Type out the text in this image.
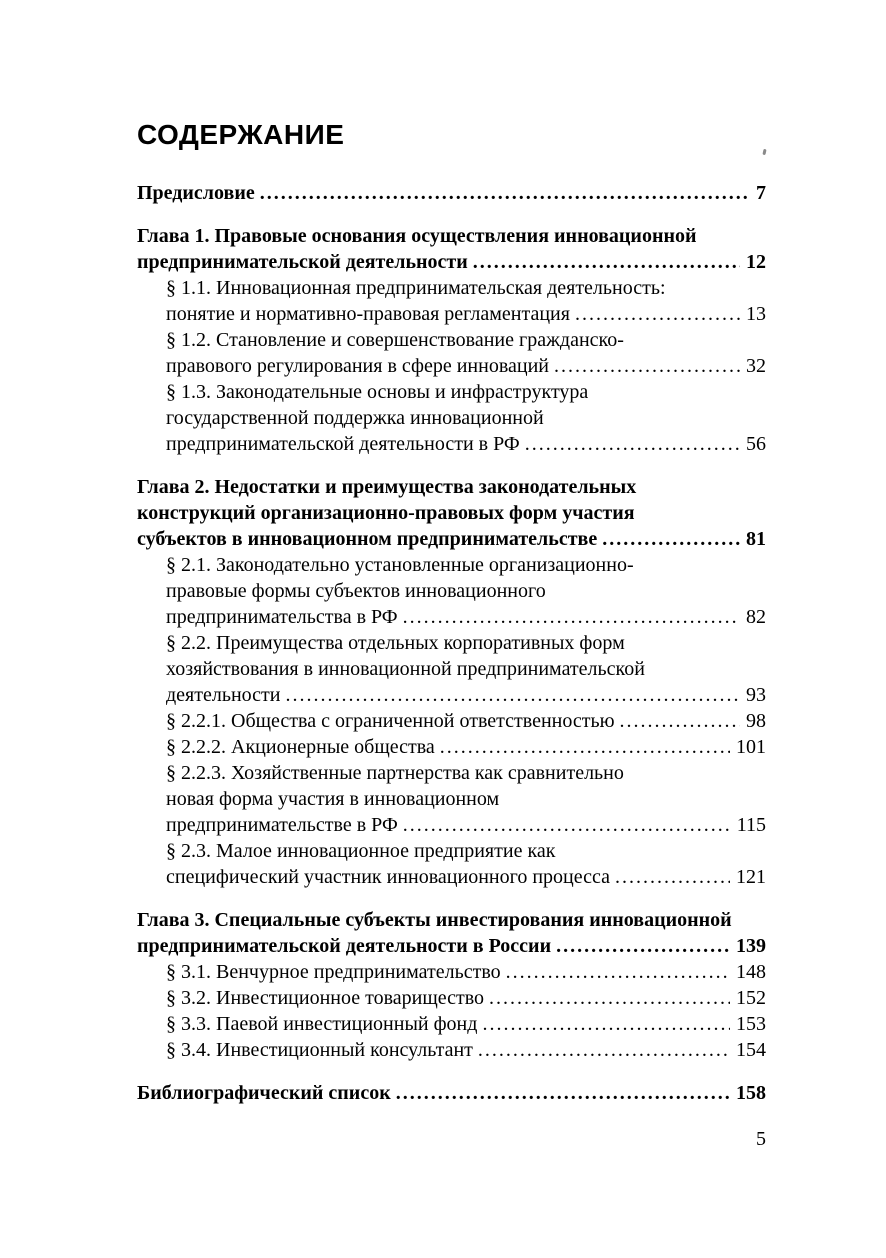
СОДЕРЖАНИЕ
Предисловие .....	7
Глава 1. Правовые основания осуществления инновационной
предпринимательской деятельности .....	12
§ 1.1. Инновационная предпринимательская деятельность:
понятие и нормативно-правовая регламентация .....	13
§ 1.2. Становление и совершенствование гражданско-
правового регулирования в сфере инноваций .....	32
§ 1.3. Законодательные основы и инфраструктура
государственной поддержка инновационной
предпринимательской деятельности в РФ .....	56
Глава 2. Недостатки и преимущества законодательных
конструкций организационно-правовых форм участия
субъектов в инновационном предпринимательстве .....	81
§ 2.1. Законодательно установленные организационно-
правовые формы субъектов инновационного
предпринимательства в РФ .....	82
§ 2.2. Преимущества отдельных корпоративных форм
хозяйствования в инновационной предпринимательской
деятельности .....	93
§ 2.2.1. Общества с ограниченной ответственностью .....	98
§ 2.2.2. Акционерные общества .....	101
§ 2.2.3. Хозяйственные партнерства как сравнительно
новая форма участия в инновационном
предпринимательстве в РФ .....	115
§ 2.3. Малое инновационное предприятие как
специфический участник инновационного процесса .....	121
Глава 3. Специальные субъекты инвестирования инновационной
предпринимательской деятельности в России .....	139
§ 3.1. Венчурное предпринимательство .....	148
§ 3.2. Инвестиционное товарищество .....	152
§ 3.3. Паевой инвестиционный фонд .....	153
§ 3.4. Инвестиционный консультант .....	154
Библиографический список .....	158
5
